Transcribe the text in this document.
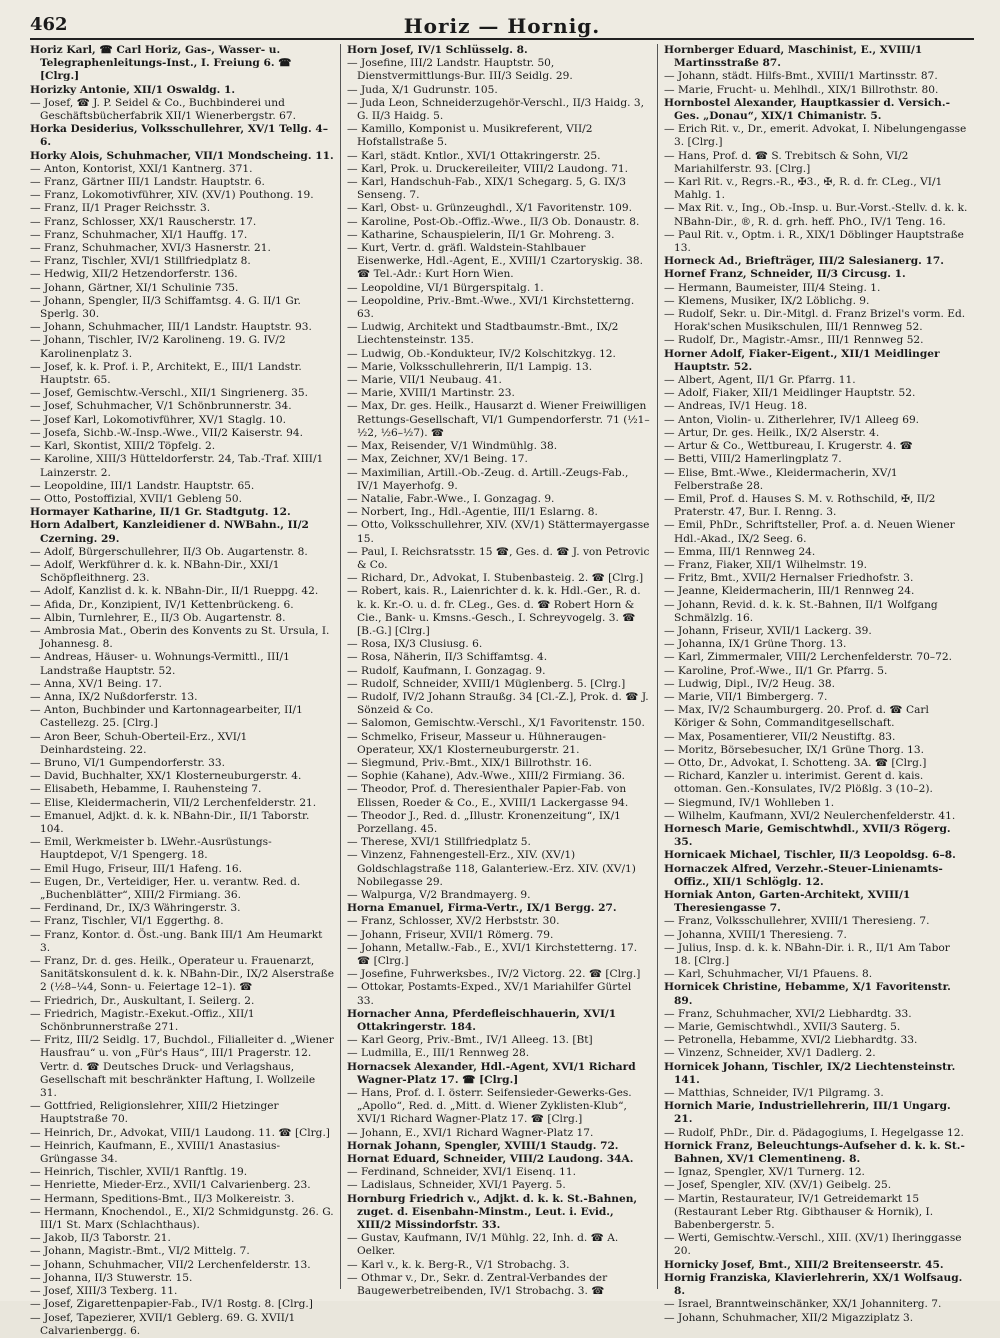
462	Horiz — Hornig.

Horiz Karl, ☎ Carl Horiz, Gas-, Wasser- u. Telegraphenleitungs-Inst., I. Freiung 6. ☎ [Clrg.]

Horizky Antonie, XII/1 Oswaldg. 1.

— Josef, ☎ J. P. Seidel & Co., Buchbinderei und Geschäftsbücherfabrik XII/1 Wienerbergstr. 67.

Horka Desiderius, Volksschullehrer, XV/1 Tellg. 4–6.

Horky Alois, Schuhmacher, VII/1 Mondscheing. 11.

— Anton, Kontorist, XXI/1 Kantnerg. 371.

— Franz, Gärtner III/1 Landstr. Hauptstr. 6.

— Franz, Lokomotivführer, XIV. (XV/1) Pouthong. 19.

— Franz, II/1 Prager Reichsstr. 3.

— Franz, Schlosser, XX/1 Rauscherstr. 17.

— Franz, Schuhmacher, XI/1 Hauffg. 17.

— Franz, Schuhmacher, XVI/3 Hasnerstr. 21.

— Franz, Tischler, XVI/1 Stillfriedplatz 8.

— Hedwig, XII/2 Hetzendorferstr. 136.

— Johann, Gärtner, XI/1 Schulinie 735.

— Johann, Spengler, II/3 Schiffamtsg. 4. G. II/1 Gr. Sperlg. 30.

— Johann, Schuhmacher, III/1 Landstr. Hauptstr. 93.

— Johann, Tischler, IV/2 Karolineng. 19. G. IV/2 Karolinenplatz 3.

— Josef, k. k. Prof. i. P., Architekt, E., III/1 Landstr. Hauptstr. 65.

— Josef, Gemischtw.-Verschl., XII/1 Singrienerg. 35.

— Josef, Schuhmacher, V/1 Schönbrunnerstr. 34.

— Josef Karl, Lokomotivführer, XV/1 Staglg. 10.

— Josefa, Sichb.-W.-Insp.-Wwe., VII/2 Kaiserstr. 94.

— Karl, Skontist, XIII/2 Töpfelg. 2.

— Karoline, XIII/3 Hütteldorferstr. 24, Tab.-Traf. XIII/1 Lainzerstr. 2.

— Leopoldine, III/1 Landstr. Hauptstr. 65.

— Otto, Postoffizial, XVII/1 Gebleng 50.

Hormayer Katharine, II/1 Gr. Stadtgutg. 12.

Horn Adalbert, Kanzleidiener d. NWBahn., II/2 Czerning. 29.

— Adolf, Bürgerschullehrer, II/3 Ob. Augartenstr. 8.

— Adolf, Werkführer d. k. k. NBahn-Dir., XXI/1 Schöpfleithnerg. 23.

— Adolf, Kanzlist d. k. k. NBahn-Dir., II/1 Rueppg. 42.

— Afida, Dr., Konzipient, IV/1 Kettenbrückeng. 6.

— Albin, Turnlehrer, E., II/3 Ob. Augartenstr. 8.

— Ambrosia Mat., Oberin des Konvents zu St. Ursula, I. Johannesg. 8.

— Andreas, Häuser- u. Wohnungs-Vermittl., III/1 Landstraße Hauptstr. 52.

— Anna, XV/1 Being. 17.

— Anna, IX/2 Nußdorferstr. 13.

— Anton, Buchbinder und Kartonnagearbeiter, II/1 Castellezg. 25. [Clrg.]

— Aron Beer, Schuh-Oberteil-Erz., XVI/1 Deinhardsteing. 22.

— Bruno, VI/1 Gumpendorferstr. 33.

— David, Buchhalter, XX/1 Klosterneuburgerstr. 4.

— Elisabeth, Hebamme, I. Rauhensteing 7.

— Elise, Kleidermacherin, VII/2 Lerchenfelderstr. 21.

— Emanuel, Adjkt. d. k. k. NBahn-Dir., II/1 Taborstr. 104.

— Emil, Werkmeister b. LWehr.-Ausrüstungs-Hauptdepot, V/1 Spengerg. 18.

— Emil Hugo, Friseur, III/1 Hafeng. 16.

— Eugen, Dr., Verteidiger, Her. u. verantw. Red. d. „Buchenblätter“, XIII/2 Firmiang. 36.

— Ferdinand, Dr., IX/3 Währingerstr. 3.

— Franz, Tischler, VI/1 Eggerthg. 8.

— Franz, Kontor. d. Öst.-ung. Bank III/1 Am Heumarkt 3.

— Franz, Dr. d. ges. Heilk., Operateur u. Frauenarzt, Sanitätskonsulent d. k. k. NBahn-Dir., IX/2 Alserstraße 2 (½8–¼4, Sonn- u. Feiertage 12–1). ☎

— Friedrich, Dr., Auskultant, I. Seilerg. 2.

— Friedrich, Magistr.-Exekut.-Offiz., XII/1 Schönbrunnerstraße 271.

— Fritz, III/2 Seidlg. 17, Buchdol., Filialleiter d. „Wiener Hausfrau“ u. von „Für's Haus“, III/1 Pragerstr. 12. Vertr. d. ☎ Deutsches Druck- und Verlagshaus, Gesellschaft mit beschränkter Haftung, I. Wollzeile 31.

— Gottfried, Religionslehrer, XIII/2 Hietzinger Hauptstraße 70.

— Heinrich, Dr., Advokat, VIII/1 Laudong. 11. ☎ [Clrg.]

— Heinrich, Kaufmann, E., XVIII/1 Anastasius-Grüngasse 34.

— Heinrich, Tischler, XVII/1 Ranftlg. 19.

— Henriette, Mieder-Erz., XVII/1 Calvarienberg. 23.

— Hermann, Speditions-Bmt., II/3 Molkereistr. 3.

— Hermann, Knochendol., E., XI/2 Schmidgunstg. 26. G. III/1 St. Marx (Schlachthaus).

— Jakob, II/3 Taborstr. 21.

— Johann, Magistr.-Bmt., VI/2 Mittelg. 7.

— Johann, Schuhmacher, VII/2 Lerchenfelderstr. 13.

— Johanna, II/3 Stuwerstr. 15.

— Josef, XIII/3 Texberg. 11.

— Josef, Zigarettenpapier-Fab., IV/1 Rostg. 8. [Clrg.]

— Josef, Tapezierer, XVII/1 Geblerg. 69. G. XVII/1 Calvarienbergg. 6.

Horn Josef, IV/1 Schlüsselg. 8.

— Josefine, III/2 Landstr. Hauptstr. 50, Dienstvermittlungs-Bur. III/3 Seidlg. 29.

— Juda, X/1 Gudrunstr. 105.

— Juda Leon, Schneiderzugehör-Verschl., II/3 Haidg. 3, G. II/3 Haidg. 5.

— Kamillo, Komponist u. Musikreferent, VII/2 Hofstallstraße 5.

— Karl, städt. Kntlor., XVI/1 Ottakringerstr. 25.

— Karl, Prok. u. Druckereileiter, VIII/2 Laudong. 71.

— Karl, Handschuh-Fab., XIX/1 Schegarg. 5, G. IX/3 Senseng. 7.

— Karl, Obst- u. Grünzeughdl., X/1 Favoritenstr. 109.

— Karoline, Post-Ob.-Offiz.-Wwe., II/3 Ob. Donaustr. 8.

— Katharine, Schauspielerin, II/1 Gr. Mohreng. 3.

— Kurt, Vertr. d. gräfl. Waldstein-Stahlbauer Eisenwerke, Hdl.-Agent, E., XVIII/1 Czartoryskig. 38. ☎ Tel.-Adr.: Kurt Horn Wien.

— Leopoldine, VI/1 Bürgerspitalg. 1.

— Leopoldine, Priv.-Bmt.-Wwe., XVI/1 Kirchstetterng. 63.

— Ludwig, Architekt und Stadtbaumstr.-Bmt., IX/2 Liechtensteinstr. 135.

— Ludwig, Ob.-Kondukteur, IV/2 Kolschitzkyg. 12.

— Marie, Volksschullehrerin, II/1 Lampig. 13.

— Marie, VII/1 Neubaug. 41.

— Marie, XVIII/1 Martinstr. 23.

— Max, Dr. ges. Heilk., Hausarzt d. Wiener Freiwilligen Rettungs-Gesellschaft, VI/1 Gumpendorferstr. 71 (½1–½2, ½6–½7). ☎

— Max, Reisender, V/1 Windmühlg. 38.

— Max, Zeichner, XV/1 Being. 17.

— Maximilian, Artill.-Ob.-Zeug. d. Artill.-Zeugs-Fab., IV/1 Mayerhofg. 9.

— Natalie, Fabr.-Wwe., I. Gonzagag. 9.

— Norbert, Ing., Hdl.-Agentie, III/1 Eslarng. 8.

— Otto, Volksschullehrer, XIV. (XV/1) Stättermayergasse 15.

— Paul, I. Reichsratsstr. 15 ☎, Ges. d. ☎ J. von Petrovic & Co.

— Richard, Dr., Advokat, I. Stubenbasteig. 2. ☎ [Clrg.]

— Robert, kais. R., Laienrichter d. k. k. Hdl.-Ger., R. d. k. k. Kr.-O. u. d. fr. CLeg., Ges. d. ☎ Robert Horn & Cie., Bank- u. Kmsns.-Gesch., I. Schreyvogelg. 3. ☎ [B.-G.] [Clrg.]

— Rosa, IX/3 Clusiusg. 6.

— Rosa, Näherin, II/3 Schiffamtsg. 4.

— Rudolf, Kaufmann, I. Gonzagag. 9.

— Rudolf, Schneider, XVIII/1 Müglenberg. 5. [Clrg.]

— Rudolf, IV/2 Johann Straußg. 34 [Cl.-Z.], Prok. d. ☎ J. Sönzeid & Co.

— Salomon, Gemischtw.-Verschl., X/1 Favoritenstr. 150.

— Schmelko, Friseur, Masseur u. Hühneraugen-Operateur, XX/1 Klosterneuburgerstr. 21.

— Siegmund, Priv.-Bmt., XIX/1 Billrothstr. 16.

— Sophie (Kahane), Adv.-Wwe., XIII/2 Firmiang. 36.

— Theodor, Prof. d. Theresienthaler Papier-Fab. von Elissen, Roeder & Co., E., XVIII/1 Lackergasse 94.

— Theodor J., Red. d. „Illustr. Kronenzeitung“, IX/1 Porzellang. 45.

— Therese, XVI/1 Stillfriedplatz 5.

— Vinzenz, Fahnengestell-Erz., XIV. (XV/1) Goldschlagstraße 118, Galanteriew.-Erz. XIV. (XV/1) Nobilegasse 29.

— Walpurga, V/2 Brandmayerg. 9.

Horna Emanuel, Firma-Vertr., IX/1 Bergg. 27.

— Franz, Schlosser, XV/2 Herbststr. 30.

— Johann, Friseur, XVII/1 Römerg. 79.

— Johann, Metallw.-Fab., E., XVI/1 Kirchstetterng. 17. ☎ [Clrg.]

— Josefine, Fuhrwerksbes., IV/2 Victorg. 22. ☎ [Clrg.]

— Ottokar, Postamts-Exped., XV/1 Mariahilfer Gürtel 33.

Hornacher Anna, Pferdefleischhauerin, XVI/1 Ottakringerstr. 184.

— Karl Georg, Priv.-Bmt., IV/1 Alleeg. 13. [Bt]

— Ludmilla, E., III/1 Rennweg 28.

Hornacsek Alexander, Hdl.-Agent, XVI/1 Richard Wagner-Platz 17. ☎ [Clrg.]

— Hans, Prof. d. I. österr. Seifensieder-Gewerks-Ges. „Apollo“, Red. d. „Mitt. d. Wiener Zyklisten-Klub“, XVI/1 Richard Wagner-Platz 17. ☎ [Clrg.]

— Johann, E., XVI/1 Richard Wagner-Platz 17.

Hornak Johann, Spengler, XVIII/1 Staudg. 72.

Hornat Eduard, Schneider, VIII/2 Laudong. 34A.

— Ferdinand, Schneider, XVI/1 Eisenq. 11.

— Ladislaus, Schneider, XVI/1 Payerg. 5.

Hornburg Friedrich v., Adjkt. d. k. k. St.-Bahnen, zuget. d. Eisenbahn-Minstm., Leut. i. Evid., XIII/2 Missindorfstr. 33.

— Gustav, Kaufmann, IV/1 Mühlg. 22, Inh. d. ☎ A. Oelker.

— Karl v., k. k. Berg-R., V/1 Strobachg. 3.

— Othmar v., Dr., Sekr. d. Zentral-Verbandes der Baugewerbetreibenden, IV/1 Strobachg. 3. ☎

Hornberger Eduard, Maschinist, E., XVIII/1 Martinsstraße 87.

— Johann, städt. Hilfs-Bmt., XVIII/1 Martinsstr. 87.

— Marie, Frucht- u. Mehlhdl., XIX/1 Billrothstr. 80.

Hornbostel Alexander, Hauptkassier d. Versich.-Ges. „Donau“, XIX/1 Chimanistr. 5.

— Erich Rit. v., Dr., emerit. Advokat, I. Nibelungengasse 3. [Clrg.]

— Hans, Prof. d. ☎ S. Trebitsch & Sohn, VI/2 Mariahilferstr. 93. [Clrg.]

— Karl Rit. v., Regrs.-R., ✠3., ✠, R. d. fr. CLeg., VI/1 Mahlg. 1.

— Max Rit. v., Ing., Ob.-Insp. u. Bur.-Vorst.-Stellv. d. k. k. NBahn-Dir., ®, R. d. grh. heff. PhO., IV/1 Teng. 16.

— Paul Rit. v., Optm. i. R., XIX/1 Döblinger Hauptstraße 13.

Horneck Ad., Briefträger, III/2 Salesianerg. 17.

Hornef Franz, Schneider, II/3 Circusg. 1.

— Hermann, Baumeister, III/4 Steing. 1.

— Klemens, Musiker, IX/2 Löblichg. 9.

— Rudolf, Sekr. u. Dir.-Mitgl. d. Franz Brizel's vorm. Ed. Horak'schen Musikschulen, III/1 Rennweg 52.

— Rudolf, Dr., Magistr.-Amsr., III/1 Rennweg 52.

Horner Adolf, Fiaker-Eigent., XII/1 Meidlinger Hauptstr. 52.

— Albert, Agent, II/1 Gr. Pfarrg. 11.

— Adolf, Fiaker, XII/1 Meidlinger Hauptstr. 52.

— Andreas, IV/1 Heug. 18.

— Anton, Violin- u. Zitherlehrer, IV/1 Alleeg 69.

— Artur, Dr. ges. Heilk., IX/2 Alserstr. 4.

— Artur & Co., Wettbureau, I. Krugerstr. 4. ☎

— Betti, VIII/2 Hamerlingplatz 7.

— Elise, Bmt.-Wwe., Kleidermacherin, XV/1 Felberstraße 28.

— Emil, Prof. d. Hauses S. M. v. Rothschild, ✠, II/2 Praterstr. 47, Bur. I. Renng. 3.

— Emil, PhDr., Schriftsteller, Prof. a. d. Neuen Wiener Hdl.-Akad., IX/2 Seeg. 6.

— Emma, III/1 Rennweg 24.

— Franz, Fiaker, XII/1 Wilhelmstr. 19.

— Fritz, Bmt., XVII/2 Hernalser Friedhofstr. 3.

— Jeanne, Kleidermacherin, III/1 Rennweg 24.

— Johann, Revid. d. k. k. St.-Bahnen, II/1 Wolfgang Schmälzlg. 16.

— Johann, Friseur, XVII/1 Lackerg. 39.

— Johanna, IX/1 Grüne Thorg. 13.

— Karl, Zimmermaler, VIII/2 Lerchenfelderstr. 70–72.

— Karoline, Prof.-Wwe., II/1 Gr. Pfarrg. 5.

— Ludwig, Dipl., IV/2 Heug. 38.

— Marie, VII/1 Bimbergerg. 7.

— Max, IV/2 Schaumburgerg. 20. Prof. d. ☎ Carl Köriger & Sohn, Commanditgesellschaft.

— Max, Posamentierer, VII/2 Neustiftg. 83.

— Moritz, Börsebesucher, IX/1 Grüne Thorg. 13.

— Otto, Dr., Advokat, I. Schotteng. 3A. ☎ [Clrg.]

— Richard, Kanzler u. interimist. Gerent d. kais. ottoman. Gen.-Konsulates, IV/2 Plößlg. 3 (10–2).

— Siegmund, IV/1 Wohlleben 1.

— Wilhelm, Kaufmann, XVI/2 Neulerchenfelderstr. 41.

Hornesch Marie, Gemischtwhdl., XVII/3 Rögerg. 35.

Hornicaek Michael, Tischler, II/3 Leopoldsg. 6–8.

Hornaczek Alfred, Verzehr.-Steuer-Linienamts-Offiz., XII/1 Schlöglg. 12.

Horniak Anton, Garten-Architekt, XVIII/1 Theresiengasse 7.

— Franz, Volksschullehrer, XVIII/1 Theresieng. 7.

— Johanna, XVIII/1 Theresieng. 7.

— Julius, Insp. d. k. k. NBahn-Dir. i. R., II/1 Am Tabor 18. [Clrg.]

— Karl, Schuhmacher, VI/1 Pfauens. 8.

Hornicek Christine, Hebamme, X/1 Favoritenstr. 89.

— Franz, Schuhmacher, XVI/2 Liebhardtg. 33.

— Marie, Gemischtwhdl., XVII/3 Sauterg. 5.

— Petronella, Hebamme, XVI/2 Liebhardtg. 33.

— Vinzenz, Schneider, XV/1 Dadlerg. 2.

Hornicek Johann, Tischler, IX/2 Liechtensteinstr. 141.

— Matthias, Schneider, IV/1 Pilgramg. 3.

Hornich Marie, Industriellehrerin, III/1 Ungarg. 21.

— Rudolf, PhDr., Dir. d. Pädagogiums, I. Hegelgasse 12.

Hornick Franz, Beleuchtungs-Aufseher d. k. k. St.-Bahnen, XV/1 Clementineng. 8.

— Ignaz, Spengler, XV/1 Turnerg. 12.

— Josef, Spengler, XIV. (XV/1) Geibelg. 25.

— Martin, Restaurateur, IV/1 Getreidemarkt 15 (Restaurant Leber Rtg. Gibthauser & Hornik), I. Babenbergerstr. 5.

— Werti, Gemischtw.-Verschl., XIII. (XV/1) Iheringgasse 20.

Hornicky Josef, Bmt., XIII/2 Breitenseerstr. 45.

Hornig Franziska, Klavierlehrerin, XX/1 Wolfsaug. 8.

— Israel, Branntweinschänker, XX/1 Johanniterg. 7.

— Johann, Schuhmacher, XII/2 Migazziplatz 3.
